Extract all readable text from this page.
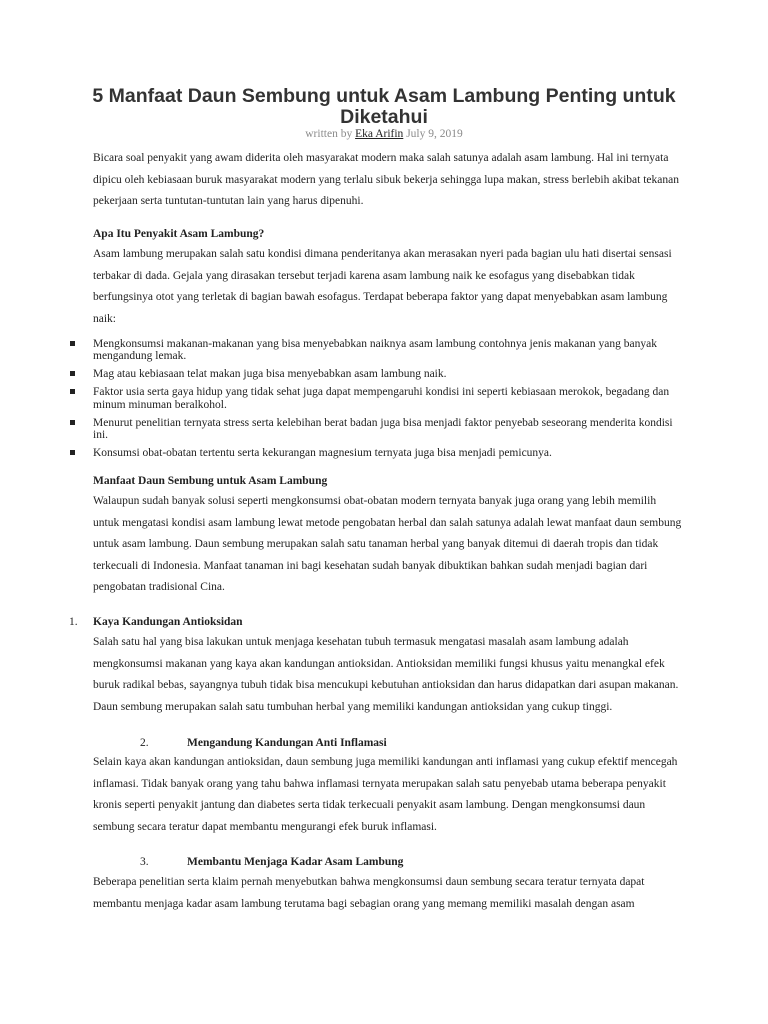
5 Manfaat Daun Sembung untuk Asam Lambung Penting untuk Diketahui
written by Eka Arifin July 9, 2019

Bicara soal penyakit yang awam diderita oleh masyarakat modern maka salah satunya adalah asam lambung. Hal ini ternyata dipicu oleh kebiasaan buruk masyarakat modern yang terlalu sibuk bekerja sehingga lupa makan, stress berlebih akibat tekanan pekerjaan serta tuntutan-tuntutan lain yang harus dipenuhi.

Apa Itu Penyakit Asam Lambung?

Asam lambung merupakan salah satu kondisi dimana penderitanya akan merasakan nyeri pada bagian ulu hati disertai sensasi terbakar di dada. Gejala yang dirasakan tersebut terjadi karena asam lambung naik ke esofagus yang disebabkan tidak berfungsinya otot yang terletak di bagian bawah esofagus. Terdapat beberapa faktor yang dapat menyebabkan asam lambung naik:

Mengkonsumsi makanan-makanan yang bisa menyebabkan naiknya asam lambung contohnya jenis makanan yang banyak mengandung lemak.
Mag atau kebiasaan telat makan juga bisa menyebabkan asam lambung naik.
Faktor usia serta gaya hidup yang tidak sehat juga dapat mempengaruhi kondisi ini seperti kebiasaan merokok, begadang dan minum minuman beralkohol.
Menurut penelitian ternyata stress serta kelebihan berat badan juga bisa menjadi faktor penyebab seseorang menderita kondisi ini.
Konsumsi obat-obatan tertentu serta kekurangan magnesium ternyata juga bisa menjadi pemicunya.
Manfaat Daun Sembung untuk Asam Lambung

Walaupun sudah banyak solusi seperti mengkonsumsi obat-obatan modern ternyata banyak juga orang yang lebih memilih untuk mengatasi kondisi asam lambung lewat metode pengobatan herbal dan salah satunya adalah lewat manfaat daun sembung untuk asam lambung. Daun sembung merupakan salah satu tanaman herbal yang banyak ditemui di daerah tropis dan tidak terkecuali di Indonesia. Manfaat tanaman ini bagi kesehatan sudah banyak dibuktikan bahkan sudah menjadi bagian dari pengobatan tradisional Cina.

1. Kaya Kandungan Antioksidan

Salah satu hal yang bisa lakukan untuk menjaga kesehatan tubuh termasuk mengatasi masalah asam lambung adalah mengkonsumsi makanan yang kaya akan kandungan antioksidan. Antioksidan memiliki fungsi khusus yaitu menangkal efek buruk radikal bebas, sayangnya tubuh tidak bisa mencukupi kebutuhan antioksidan dan harus didapatkan dari asupan makanan. Daun sembung merupakan salah satu tumbuhan herbal yang memiliki kandungan antioksidan yang cukup tinggi.

2.	Mengandung Kandungan Anti Inflamasi

Selain kaya akan kandungan antioksidan, daun sembung juga memiliki kandungan anti inflamasi yang cukup efektif mencegah inflamasi. Tidak banyak orang yang tahu bahwa inflamasi ternyata merupakan salah satu penyebab utama beberapa penyakit kronis seperti penyakit jantung dan diabetes serta tidak terkecuali penyakit asam lambung. Dengan mengkonsumsi daun sembung secara teratur dapat membantu mengurangi efek buruk inflamasi.

3.	Membantu Menjaga Kadar Asam Lambung

Beberapa penelitian serta klaim pernah menyebutkan bahwa mengkonsumsi daun sembung secara teratur ternyata dapat membantu menjaga kadar asam lambung terutama bagi sebagian orang yang memang memiliki masalah dengan asam
